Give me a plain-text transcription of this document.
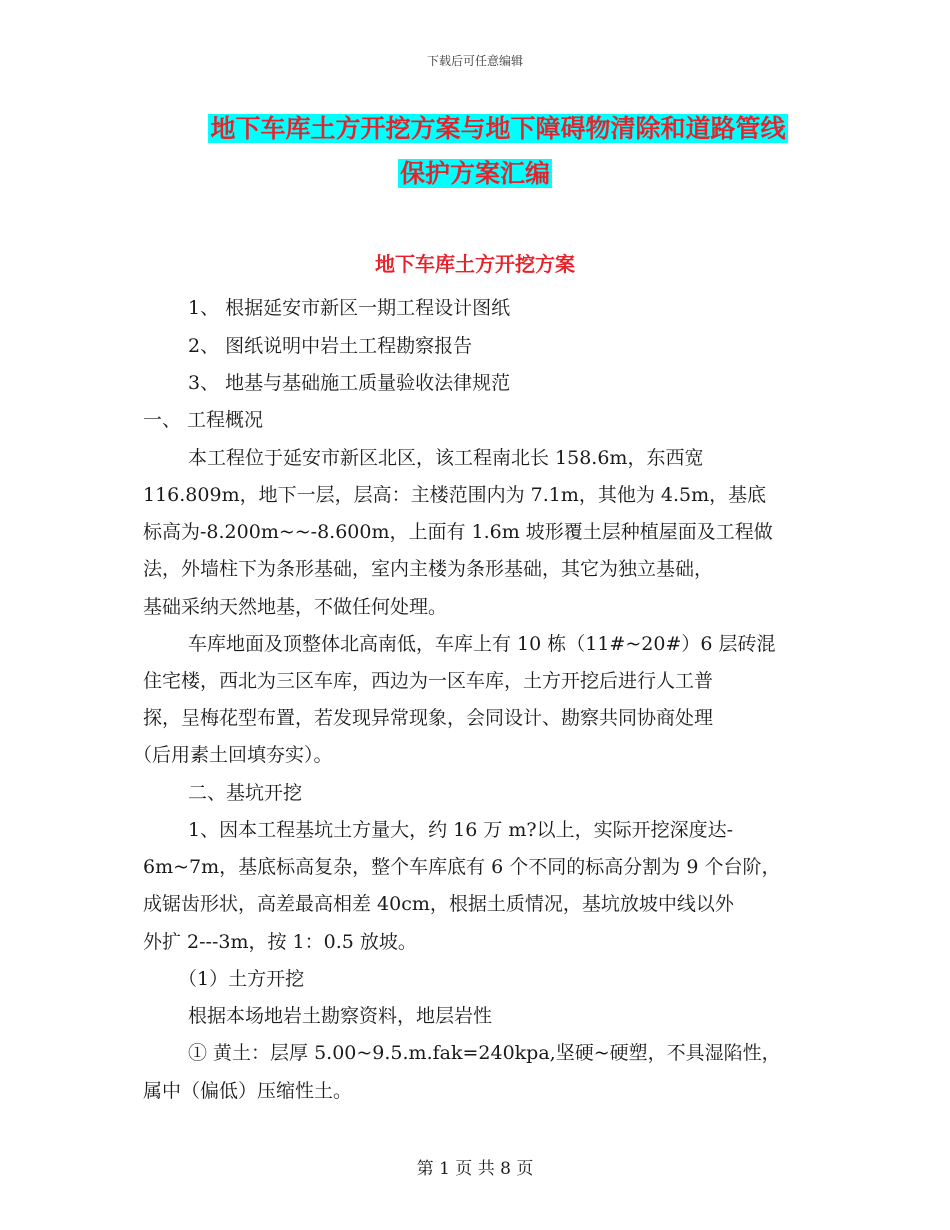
下载后可任意编辑
地下车库土方开挖方案与地下障碍物清除和道路管线
保护方案汇编
地下车库土方开挖方案
1、 根据延安市新区一期工程设计图纸
2、 图纸说明中岩土工程勘察报告
3、 地基与基础施工质量验收法律规范
一、 工程概况
本工程位于延安市新区北区，该工程南北长 158.6m，东西宽
116.809m，地下一层，层高：主楼范围内为 7.1m，其他为 4.5m，基底
标高为-8.200m~~-8.600m，上面有 1.6m 坡形覆土层种植屋面及工程做
法，外墙柱下为条形基础，室内主楼为条形基础，其它为独立基础，
基础采纳天然地基，不做任何处理。
车库地面及顶整体北高南低，车库上有 10 栋（11#~20#）6 层砖混
住宅楼，西北为三区车库，西边为一区车库，土方开挖后进行人工普
探，呈梅花型布置，若发现异常现象，会同设计、勘察共同协商处理
（后用素土回填夯实）。
二、基坑开挖
1、因本工程基坑土方量大，约 16 万 m?以上，实际开挖深度达-
6m~7m，基底标高复杂，整个车库底有 6 个不同的标高分割为 9 个台阶，
成锯齿形状，高差最高相差 40cm，根据土质情况，基坑放坡中线以外
外扩 2---3m，按 1：0.5 放坡。
（1）土方开挖
根据本场地岩土勘察资料，地层岩性
① 黄土：层厚 5.00~9.5.m.fak=240kpa,坚硬~硬塑，不具湿陷性，
属中（偏低）压缩性土。
第 1 页 共 8 页
